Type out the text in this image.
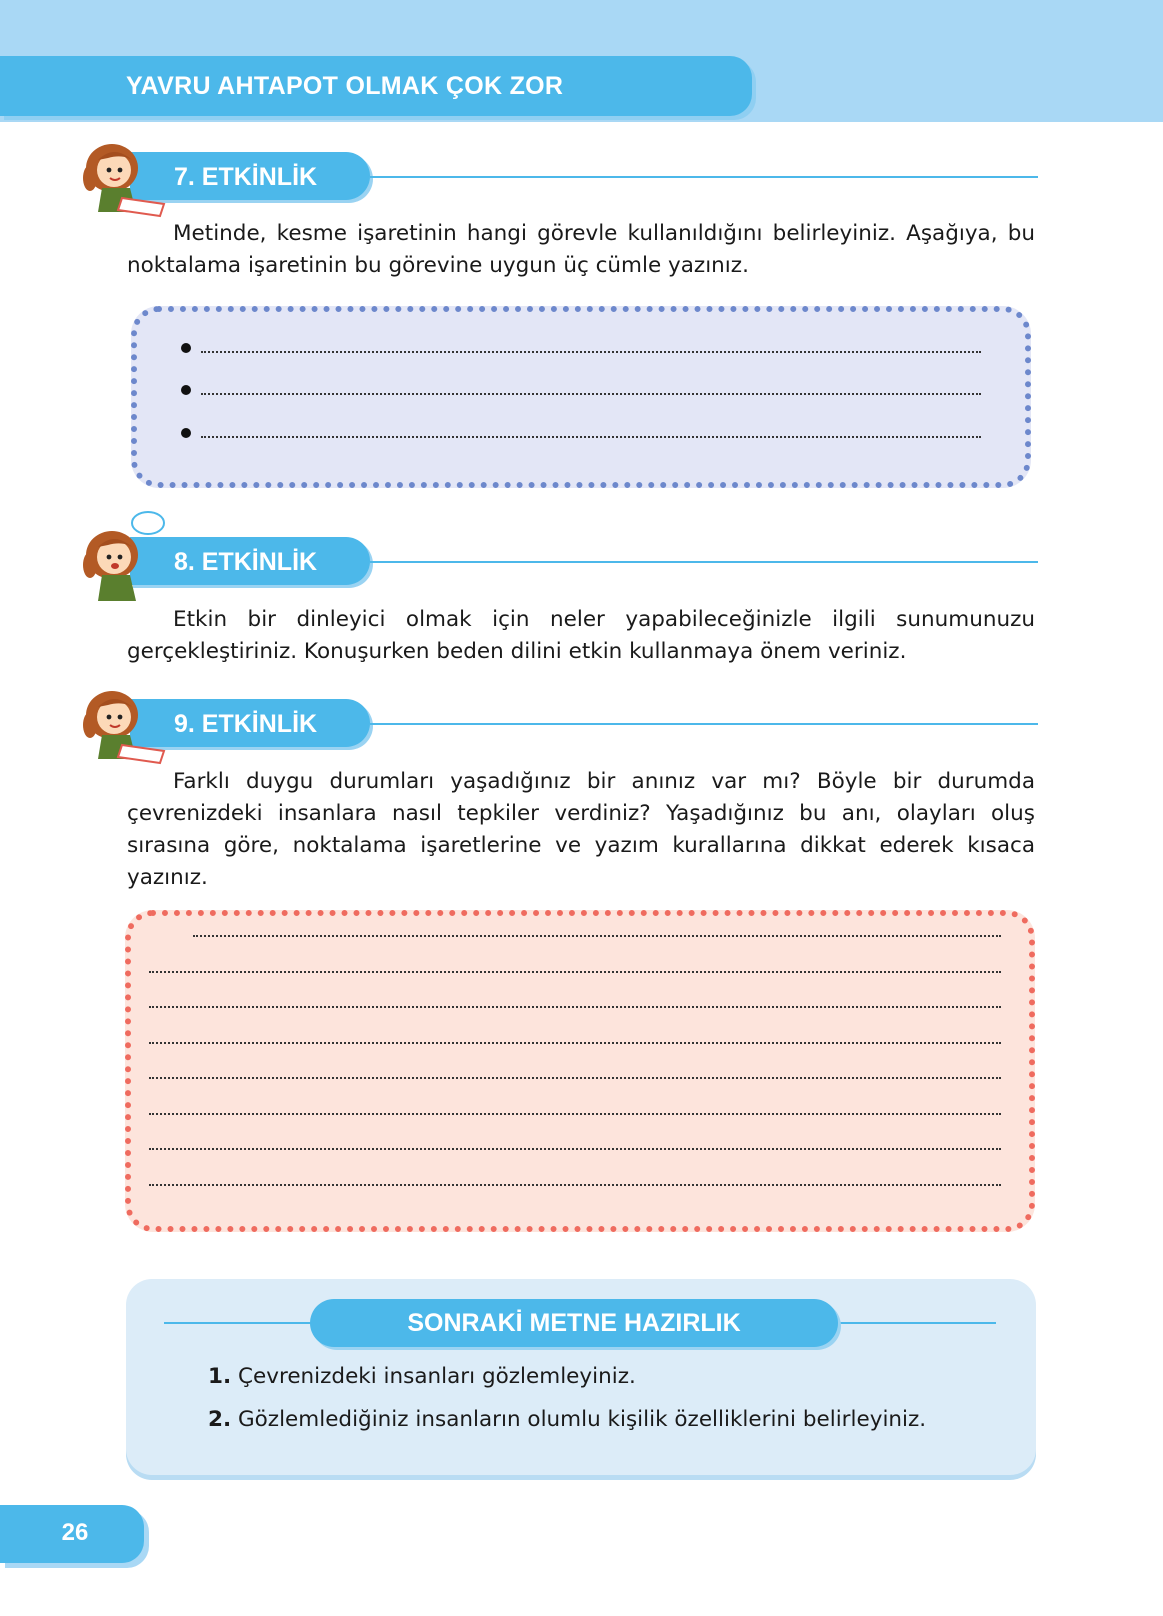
YAVRU AHTAPOT OLMAK ÇOK ZOR
7. ETKİNLİK
Metinde, kesme işaretinin hangi görevle kullanıldığını belirleyiniz. Aşağıya, bu noktalama işaretinin bu görevine uygun üç cümle yazınız.
8. ETKİNLİK
Etkin bir dinleyici olmak için neler yapabileceğinizle ilgili sunumunuzu gerçekleştiriniz. Konuşurken beden dilini etkin kullanmaya önem veriniz.
9. ETKİNLİK
Farklı duygu durumları yaşadığınız bir anınız var mı? Böyle bir durumda çevrenizdeki insanlara nasıl tepkiler verdiniz? Yaşadığınız bu anı, olayları oluş sırasına göre, noktalama işaretlerine ve yazım kurallarına dikkat ederek kısaca yazınız.
SONRAKİ METNE HAZIRLIK
1. Çevrenizdeki insanları gözlemleyiniz.
2. Gözlemlediğiniz insanların olumlu kişilik özelliklerini belirleyiniz.
26
